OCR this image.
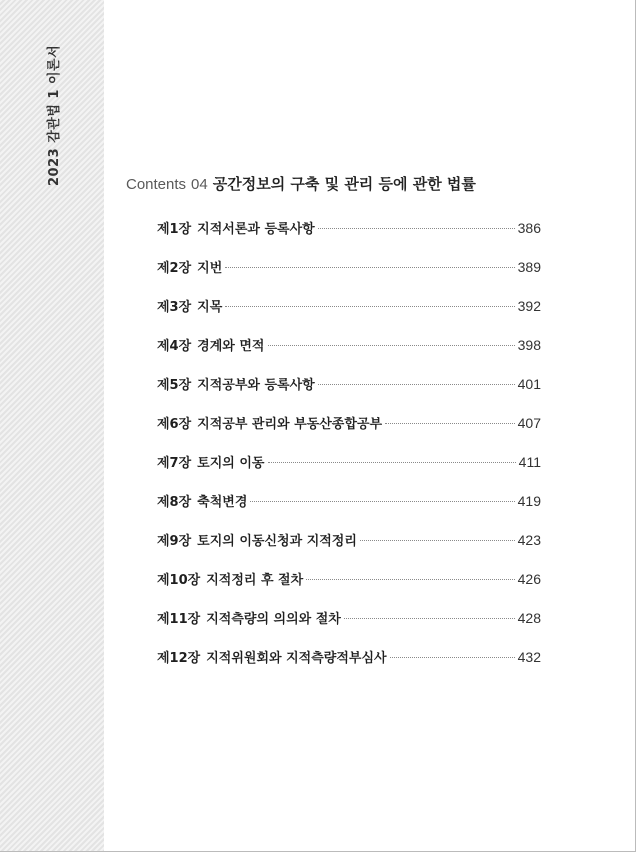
2023 감관법 1 이론서	Contents 04 공간정보의 구축 및 관리 등에 관한 법률
제1장 지적서론과 등록사항	386
제2장 지번	389
제3장 지목	392
제4장 경계와 면적	398
제5장 지적공부와 등록사항	401
제6장 지적공부 관리와 부동산종합공부	407
제7장 토지의 이동	411
제8장 축척변경	419
제9장 토지의 이동신청과 지적정리	423
제10장 지적정리 후 절차	426
제11장 지적측량의 의의와 절차	428
제12장 지적위원회와 지적측량적부심사	432
